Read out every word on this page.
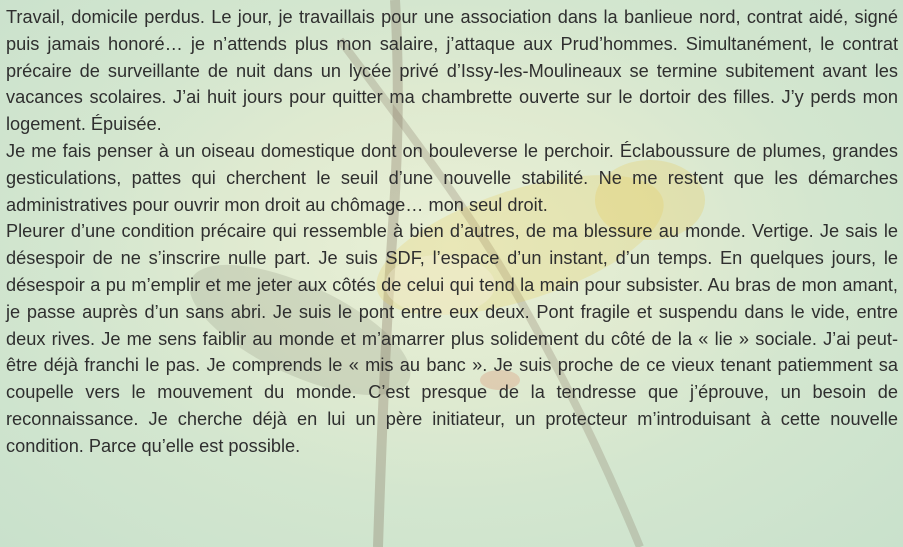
Travail, domicile perdus. Le jour, je travaillais pour une association dans la banlieue nord, contrat aidé, signé puis jamais honoré… je n’attends plus mon salaire, j’attaque aux Prud’hommes. Simultanément, le contrat précaire de surveillante de nuit dans un lycée privé d’Issy-les-Moulineaux se termine subitement avant les vacances scolaires. J’ai huit jours pour quitter ma chambrette ouverte sur le dortoir des filles. J’y perds mon logement. Épuisée.

Je me fais penser à un oiseau domestique dont on bouleverse le perchoir. Éclaboussure de plumes, grandes gesticulations, pattes qui cherchent le seuil d’une nouvelle stabilité. Ne me restent que les démarches administratives pour ouvrir mon droit au chômage… mon seul droit.

Pleurer d’une condition précaire qui ressemble à bien d’autres, de ma blessure au monde. Vertige. Je sais le désespoir de ne s’inscrire nulle part. Je suis SDF, l’espace d’un instant, d’un temps. En quelques jours, le désespoir a pu m’emplir et me jeter aux côtés de celui qui tend la main pour subsister. Au bras de mon amant, je passe auprès d’un sans abri. Je suis le pont entre eux deux. Pont fragile et suspendu dans le vide, entre deux rives. Je me sens faiblir au monde et m’amarrer plus solidement du côté de la « lie » sociale. J’ai peut-être déjà franchi le pas. Je comprends le « mis au banc ». Je suis proche de ce vieux tenant patiemment sa coupelle vers le mouvement du monde. C’est presque de la tendresse que j’éprouve, un besoin de reconnaissance. Je cherche déjà en lui un père initiateur, un protecteur m’introduisant à cette nouvelle condition. Parce qu’elle est possible.
